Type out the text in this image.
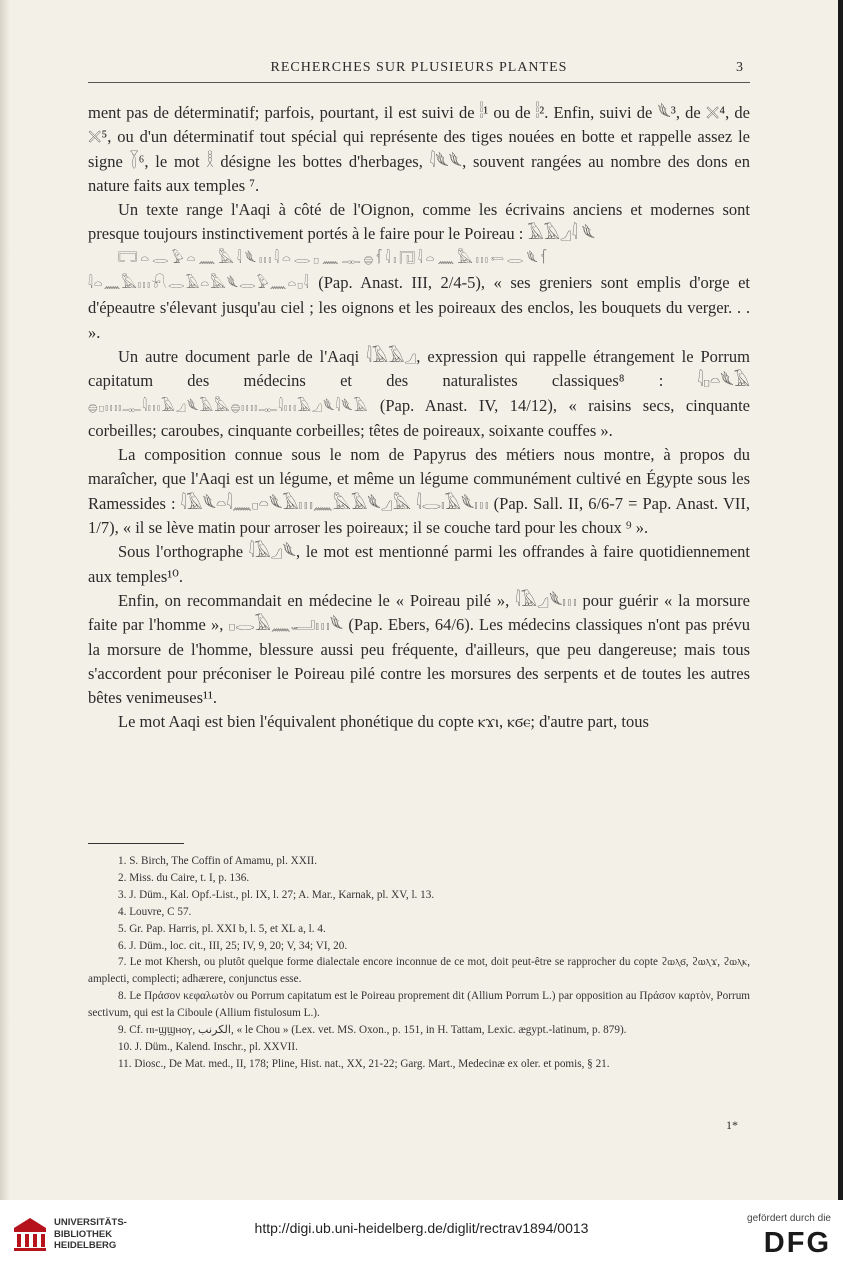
RECHERCHES SUR PLUSIEURS PLANTES	3

ment pas de déterminatif; parfois, pourtant, il est suivi de 𓏪¹ ou de 𓏪². Enfin, suivi de 𓆰³, de 𓏴⁴, de 𓏴⁵, ou d'un déterminatif tout spécial qui représente des tiges nouées en botte et rappelle assez le signe 𓇅⁶, le mot 𓎛 désigne les bottes d'herbages, 𓇋𓆰𓆰, souvent rangées au nombre des dons en nature faits aux temples ⁷.

Un texte range l'Aaqi à côté de l'Oignon, comme les écrivains anciens et modernes sont presque toujours instinctivement portés à le faire pour le Poireau : 𓄿𓄿𓈎𓇋 𓆰
𓉐𓏏𓂋𓅱𓏏𓈖𓅓𓇋𓆰𓏥𓇋𓏏𓂋𓊪𓈖𓊃𓐍𓆳𓇋𓏤𓉔𓇋𓏏𓈖𓅓𓏥𓍿𓂋𓆰𓆳
𓇋𓏏𓈖𓅓𓏥𓍯𓂋𓄿𓏏𓅓𓆰𓂋𓅱𓈖𓏏𓊪𓇋 (Pap. Anast. III, 2/4-5), « ses greniers sont emplis d'orge et d'épeautre s'élevant jusqu'au ciel ; les oignons et les poireaux des enclos, les bouquets du verger. . . ».

Un autre document parle de l'Aaqi 𓇋𓄿𓄿𓈎, expression qui rappelle étrangement le Porrum capitatum des médecins et des naturalistes classiques⁸ : 𓇋𓊪𓏏𓆰𓄿 𓐍𓊪𓏥𓏤𓊃𓇋𓏥𓄿𓈎𓆰𓄿𓅓𓐍𓏥𓏤𓊃𓇋𓏥𓄿𓈎𓆰𓇋𓆰𓄿 (Pap. Anast. IV, 14/12), « raisins secs, cinquante corbeilles; caroubes, cinquante corbeilles; têtes de poireaux, soixante couffes ».

La composition connue sous le nom de Papyrus des métiers nous montre, à propos du maraîcher, que l'Aaqi est un légume, et même un légume communément cultivé en Égypte sous les Ramessides : 𓇋𓄿𓆰𓏏𓇋𓈖𓊪𓏏𓆰𓄿𓏥𓈖𓅓𓄿𓆰𓈎𓅓 𓇋𓂋𓏤𓄿𓆰𓏥 (Pap. Sall. II, 6/6-7 = Pap. Anast. VII, 1/7), « il se lève matin pour arroser les poireaux; il se couche tard pour les choux ⁹ ».

Sous l'orthographe 𓇋𓄿𓈎𓆰, le mot est mentionné parmi les offrandes à faire quotidiennement aux temples¹⁰.

Enfin, on recommandait en médecine le « Poireau pilé », 𓇋𓄿𓈎𓆰𓏥 pour guérir « la morsure faite par l'homme », 𓊪𓂋𓄿𓈖𓂝𓏥𓆰 (Pap. Ebers, 64/6). Les médecins classiques n'ont pas prévu la morsure de l'homme, blessure aussi peu fréquente, d'ailleurs, que peu dangereuse; mais tous s'accordent pour préconiser le Poireau pilé contre les morsures des serpents et de toutes les autres bêtes venimeuses¹¹.

Le mot Aaqi est bien l'équivalent phonétique du copte ⲕϫⲓ, ⲕϭⲉ; d'autre part, tous

1. S. Birch, The Coffin of Amamu, pl. XXII.

2. Miss. du Caire, t. I, p. 136.

3. J. Düm., Kal. Opf.-List., pl. IX, l. 27; A. Mar., Karnak, pl. XV, l. 13.

4. Louvre, C 57.

5. Gr. Pap. Harris, pl. XXI b, l. 5, et XL a, l. 4.

6. J. Düm., loc. cit., III, 25; IV, 9, 20; V, 34; VI, 20.

7. Le mot Khersh, ou plutôt quelque forme dialectale encore inconnue de ce mot, doit peut-être se rapprocher du copte ϩⲱⲗϭ, ϩⲱⲗϫ, ϩⲱⲗⲕ, amplecti, complecti; adhærere, conjunctus esse.

8. Le Πράσον κεφαλωτὸν ou Porrum capitatum est le Poireau proprement dit (Allium Porrum L.) par opposition au Πράσον καρτὸν, Porrum sectivum, qui est la Ciboule (Allium fistulosum L.).

9. Cf. ⲡⲓ-ϣϣⲏⲟⲩ, الكرنب, « le Chou » (Lex. vet. MS. Oxon., p. 151, in H. Tattam, Lexic. ægypt.-latinum, p. 879).

10. J. Düm., Kalend. Inschr., pl. XXVII.

11. Diosc., De Mat. med., II, 178; Pline, Hist. nat., XX, 21-22; Garg. Mart., Medecinæ ex oler. et pomis, § 21.

1*
UNIVERSITÄTS-
BIBLIOTHEK
HEIDELBERG
http://digi.ub.uni-heidelberg.de/diglit/rectrav1894/0013
gefördert durch die
DFG
